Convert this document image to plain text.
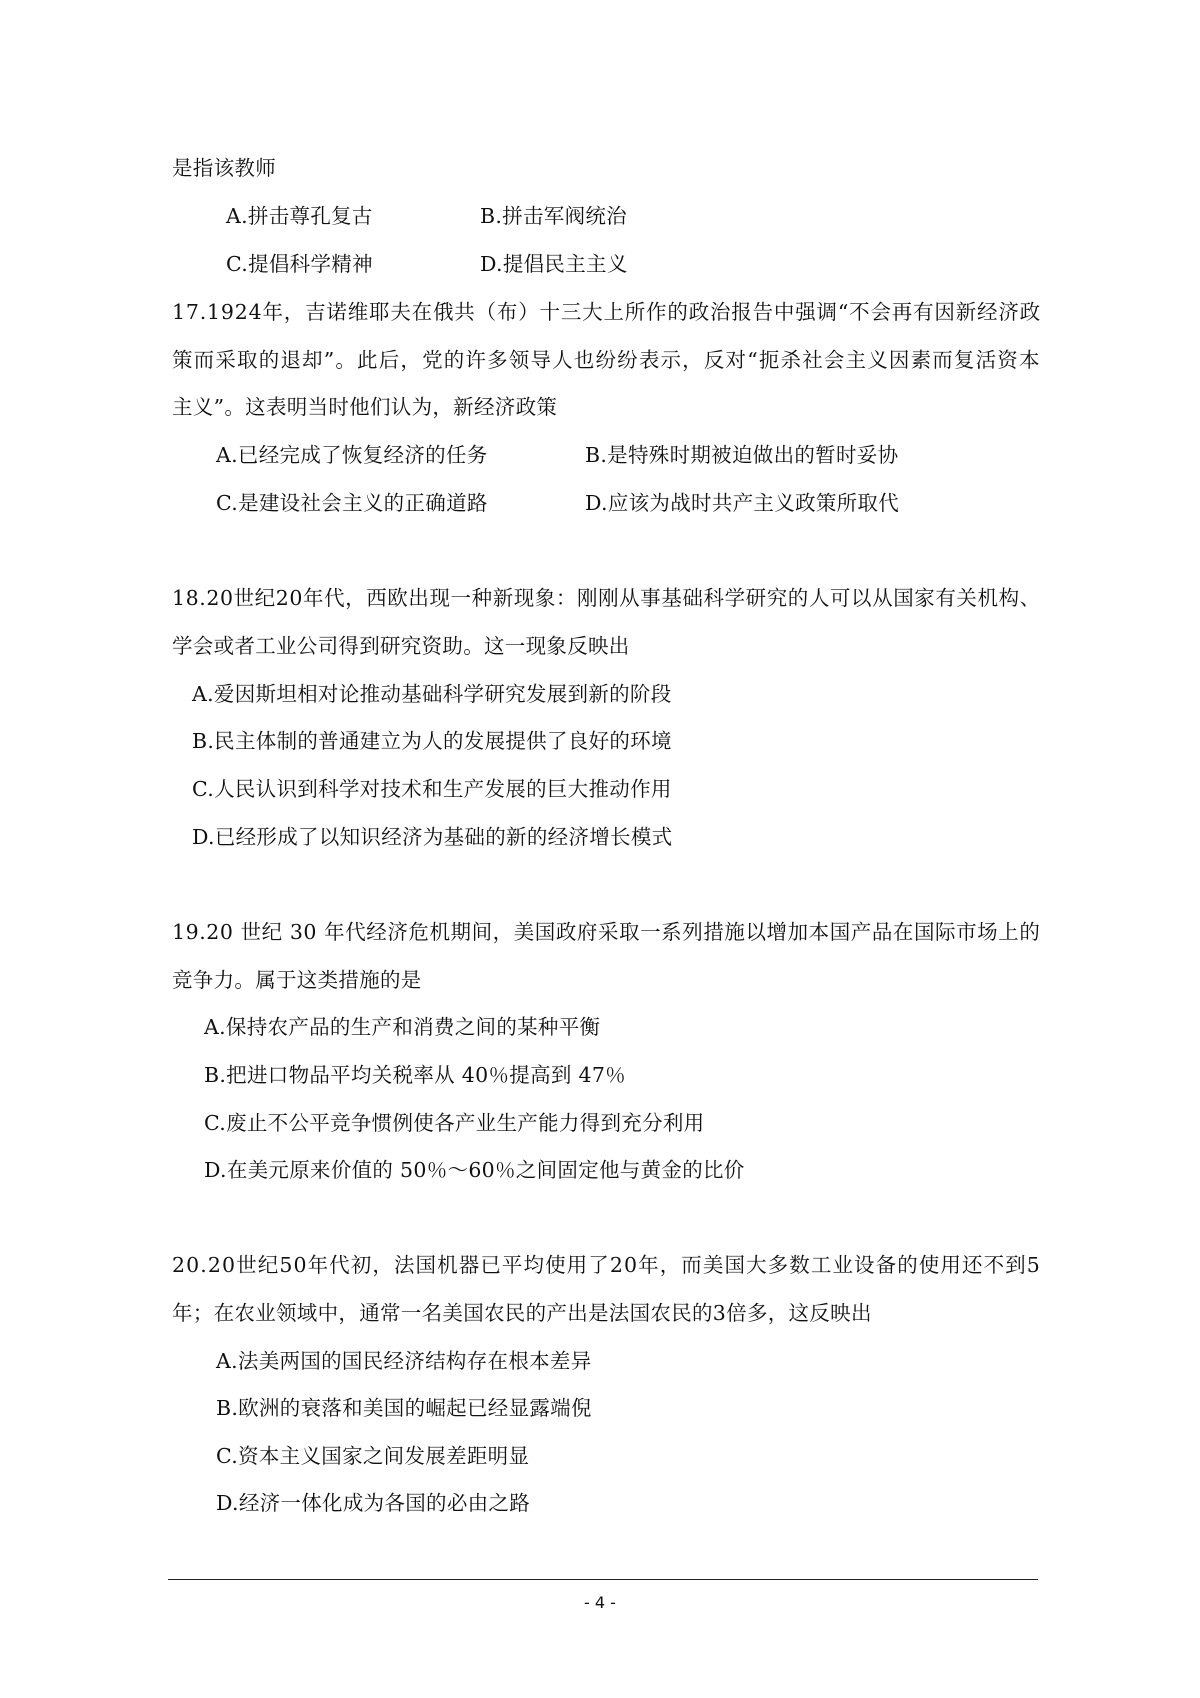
是指该教师
A.拼击尊孔复古	B.拼击军阀统治
C.提倡科学精神	D.提倡民主主义
17.1924年，吉诺维耶夫在俄共（布）十三大上所作的政治报告中强调“不会再有因新经济政
策而采取的退却”。此后，党的许多领导人也纷纷表示，反对“扼杀社会主义因素而复活资本
主义”。这表明当时他们认为，新经济政策
A.已经完成了恢复经济的任务	B.是特殊时期被迫做出的暂时妥协
C.是建设社会主义的正确道路	D.应该为战时共产主义政策所取代
18.20世纪20年代，西欧出现一种新现象：刚刚从事基础科学研究的人可以从国家有关机构、
学会或者工业公司得到研究资助。这一现象反映出
A.爱因斯坦相对论推动基础科学研究发展到新的阶段
B.民主体制的普通建立为人的发展提供了良好的环境
C.人民认识到科学对技术和生产发展的巨大推动作用
D.已经形成了以知识经济为基础的新的经济增长模式
19.20 世纪 30 年代经济危机期间，美国政府采取一系列措施以增加本国产品在国际市场上的
竞争力。属于这类措施的是
A.保持农产品的生产和消费之间的某种平衡
B.把进口物品平均关税率从 40％提高到 47％
C.废止不公平竞争惯例使各产业生产能力得到充分利用
D.在美元原来价值的 50％～60％之间固定他与黄金的比价
20.20世纪50年代初，法国机器已平均使用了20年，而美国大多数工业设备的使用还不到5
年；在农业领域中，通常一名美国农民的产出是法国农民的3倍多，这反映出
A.法美两国的国民经济结构存在根本差异
B.欧洲的衰落和美国的崛起已经显露端倪
C.资本主义国家之间发展差距明显
D.经济一体化成为各国的必由之路
- 4 -
